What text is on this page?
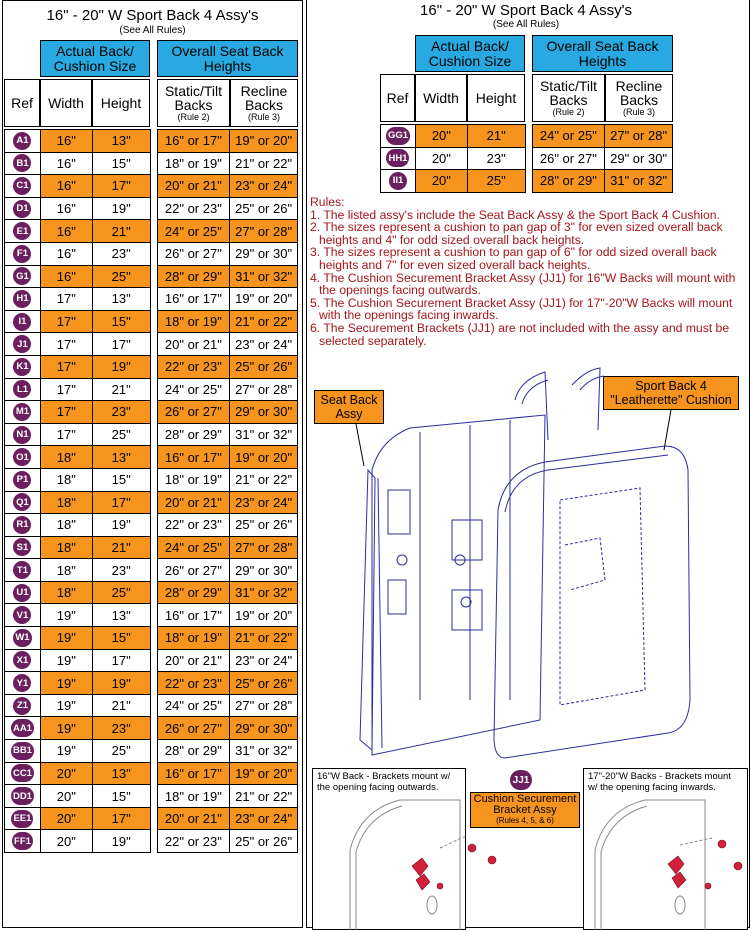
16" - 20" W Sport Back 4 Assy's
(See All Rules)
Actual Back/ Cushion Size
Overall Seat Back Heights
Ref Width Height
Static/Tilt Backs
(Rule 2)
Recline Backs
(Rule 3)
A1	16"	13"		16" or 17"	19" or 20"
B1	16"	15"		18" or 19"	21" or 22"
C1	16"	17"		20" or 21"	23" or 24"
D1	16"	19"		22" or 23"	25" or 26"
E1	16"	21"		24" or 25"	27" or 28"
F1	16"	23"		26" or 27"	29" or 30"
G1	16"	25"		28" or 29"	31" or 32"
H1	17"	13"		16" or 17"	19" or 20"
I1	17"	15"		18" or 19"	21" or 22"
J1	17"	17"		20" or 21"	23" or 24"
K1	17"	19"		22" or 23"	25" or 26"
L1	17"	21"		24" or 25"	27" or 28"
M1	17"	23"		26" or 27"	29" or 30"
N1	17"	25"		28" or 29"	31" or 32"
O1	18"	13"		16" or 17"	19" or 20"
P1	18"	15"		18" or 19"	21" or 22"
Q1	18"	17"		20" or 21"	23" or 24"
R1	18"	19"		22" or 23"	25" or 26"
S1	18"	21"		24" or 25"	27" or 28"
T1	18"	23"		26" or 27"	29" or 30"
U1	18"	25"		28" or 29"	31" or 32"
V1	19"	13"		16" or 17"	19" or 20"
W1	19"	15"		18" or 19"	21" or 22"
X1	19"	17"		20" or 21"	23" or 24"
Y1	19"	19"		22" or 23"	25" or 26"
Z1	19"	21"		24" or 25"	27" or 28"
AA1	19"	23"		26" or 27"	29" or 30"
BB1	19"	25"		28" or 29"	31" or 32"
CC1	20"	13"		16" or 17"	19" or 20"
DD1	20"	15"		18" or 19"	21" or 22"
EE1	20"	17"		20" or 21"	23" or 24"
FF1	20"	19"		22" or 23"	25" or 26"
16" - 20" W Sport Back 4 Assy's
(See All Rules)
Actual Back/ Cushion Size
Overall Seat Back Heights
Ref Width Height
Static/Tilt Backs
(Rule 2)
Recline Backs
(Rule 3)
GG1	20"	21"		24" or 25"	27" or 28"
HH1	20"	23"		26" or 27"	29" or 30"
II1	20"	25"		28" or 29"	31" or 32"
Rules:
1. The listed assy's include the Seat Back Assy & the Sport Back 4 Cushion.
2. The sizes represent a cushion to pan gap of 3" for even sized overall back heights and 4" for odd sized overall back heights.
3. The sizes represent a cushion to pan gap of 6" for odd sized overall back heights and 7" for even sized overall back heights.
4. The Cushion Securement Bracket Assy (JJ1) for 16"W Backs will mount with the openings facing outwards.
5. The Cushion Securement Bracket Assy (JJ1) for 17"-20"W Backs will mount with the openings facing inwards.
6. The Securement Brackets (JJ1) are not included with the assy and must be selected separately.
Seat Back Assy
Sport Back 4 "Leatherette" Cushion
16"W Back - Brackets mount w/ the opening facing outwards.
17"-20"W Backs - Brackets mount w/ the opening facing inwards.
JJ1
Cushion Securement Bracket Assy
(Rules 4, 5, & 6)
